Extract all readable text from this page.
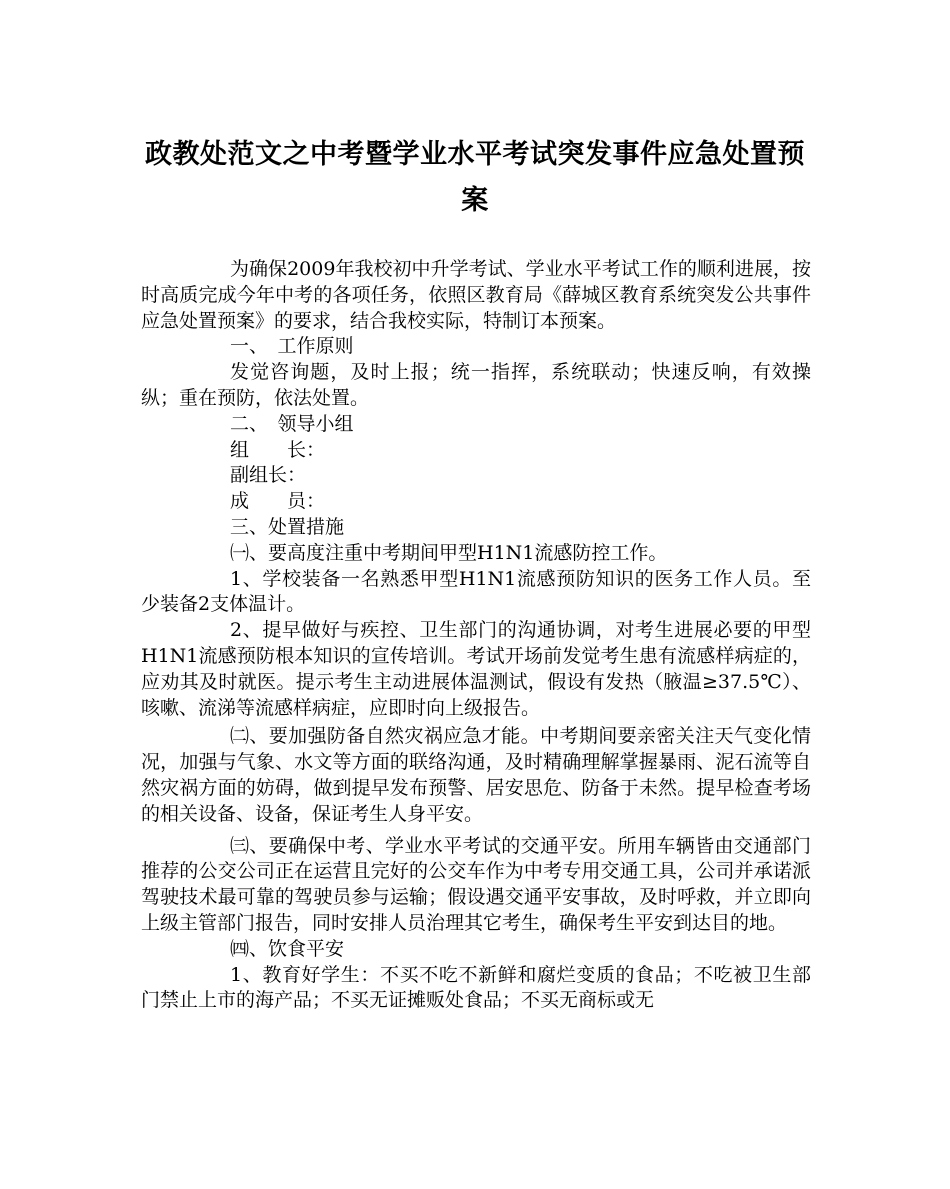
政教处范文之中考暨学业水平考试突发事件应急处置预
案

为确保2009年我校初中升学考试、学业水平考试工作的顺利进展，按时高质完成今年中考的各项任务，依照区教育局《薛城区教育系统突发公共事件应急处置预案》的要求，结合我校实际，特制订本预案。

一、　工作原则

发觉咨询题，及时上报；统一指挥，系统联动；快速反响，有效操纵；重在预防，依法处置。

二、　领导小组

组　　长：

副组长：

成　　员：

三、处置措施

㈠、要高度注重中考期间甲型H1N1流感防控工作。

1、学校装备一名熟悉甲型H1N1流感预防知识的医务工作人员。至少装备2支体温计。

2、提早做好与疾控、卫生部门的沟通协调，对考生进展必要的甲型H1N1流感预防根本知识的宣传培训。考试开场前发觉考生患有流感样病症的，应劝其及时就医。提示考生主动进展体温测试，假设有发热（腋温≥37.5℃）、咳嗽、流涕等流感样病症，应即时向上级报告。

㈡、要加强防备自然灾祸应急才能。中考期间要亲密关注天气变化情况，加强与气象、水文等方面的联络沟通，及时精确理解掌握暴雨、泥石流等自然灾祸方面的妨碍，做到提早发布预警、居安思危、防备于未然。提早检查考场的相关设备、设备，保证考生人身平安。

㈢、要确保中考、学业水平考试的交通平安。所用车辆皆由交通部门推荐的公交公司正在运营且完好的公交车作为中考专用交通工具，公司并承诺派驾驶技术最可靠的驾驶员参与运输；假设遇交通平安事故，及时呼救，并立即向上级主管部门报告，同时安排人员治理其它考生，确保考生平安到达目的地。

㈣、饮食平安

1、教育好学生：不买不吃不新鲜和腐烂变质的食品；不吃被卫生部门禁止上市的海产品；不买无证摊贩处食品；不买无商标或无
